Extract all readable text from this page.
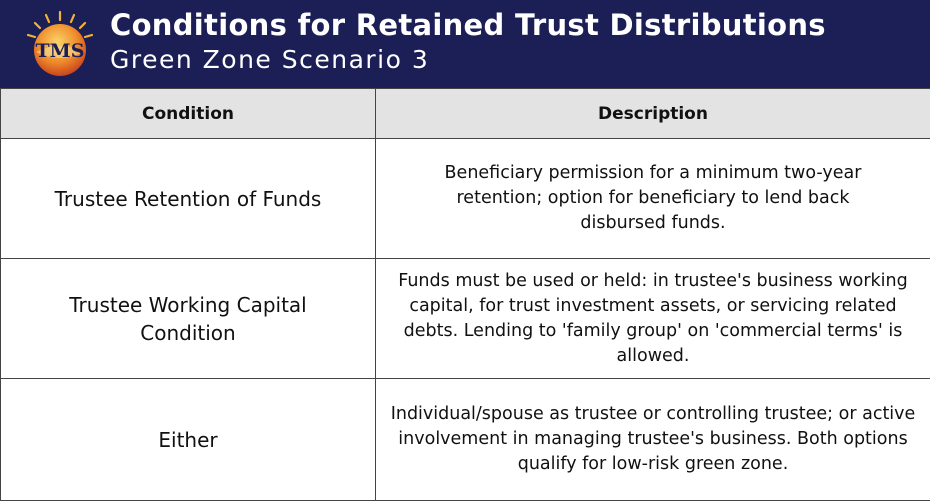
TMS
Conditions for Retained Trust Distributions
Green Zone Scenario 3
Condition	Description
Trustee Retention of Funds	Beneficiary permission for a minimum two-year retention; option for beneficiary to lend back disbursed funds.
Trustee Working Capital Condition	Funds must be used or held: in trustee's business working capital, for trust investment assets, or servicing related debts. Lending to 'family group' on 'commercial terms' is allowed.
Either	Individual/spouse as trustee or controlling trustee; or active involvement in managing trustee's business. Both options qualify for low-risk green zone.
